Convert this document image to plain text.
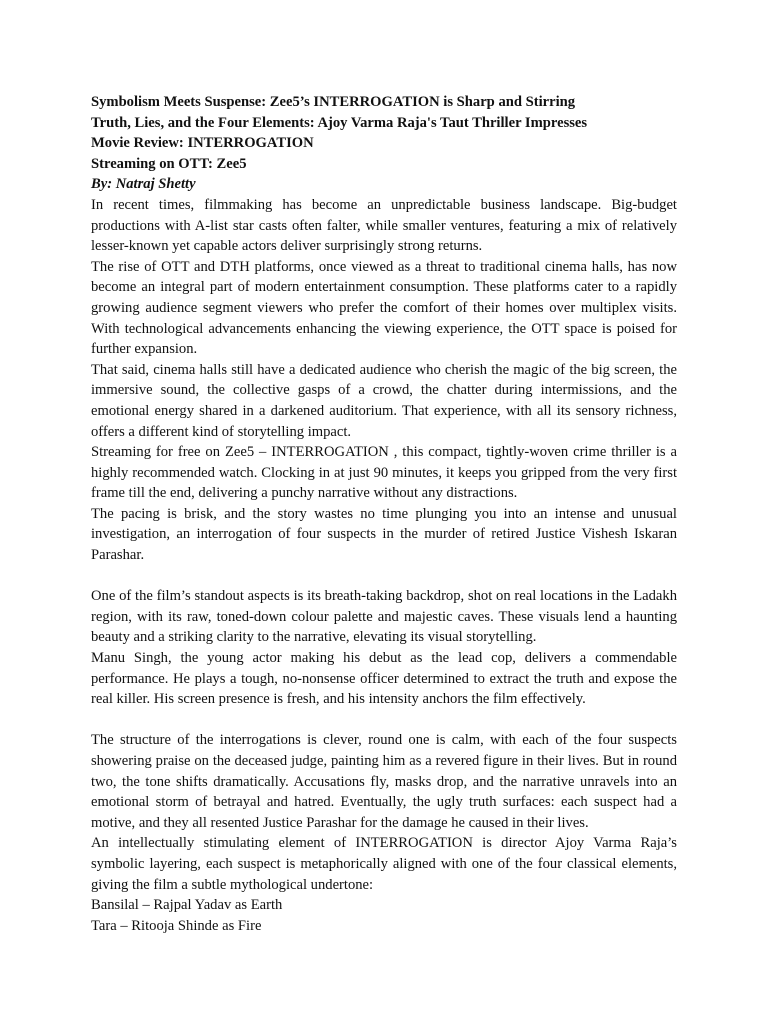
Symbolism Meets Suspense: Zee5’s INTERROGATION is Sharp and Stirring
Truth, Lies, and the Four Elements: Ajoy Varma Raja's Taut Thriller Impresses
Movie Review: INTERROGATION
Streaming on OTT: Zee5
By: Natraj Shetty

In recent times, filmmaking has become an unpredictable business landscape. Big-budget productions with A-list star casts often falter, while smaller ventures, featuring a mix of relatively lesser-known yet capable actors deliver surprisingly strong returns.

The rise of OTT and DTH platforms, once viewed as a threat to traditional cinema halls, has now become an integral part of modern entertainment consumption. These platforms cater to a rapidly growing audience segment viewers who prefer the comfort of their homes over multiplex visits. With technological advancements enhancing the viewing experience, the OTT space is poised for further expansion.

That said, cinema halls still have a dedicated audience who cherish the magic of the big screen, the immersive sound, the collective gasps of a crowd, the chatter during intermissions, and the emotional energy shared in a darkened auditorium. That experience, with all its sensory richness, offers a different kind of storytelling impact.

Streaming for free on Zee5 – INTERROGATION , this compact, tightly-woven crime thriller is a highly recommended watch. Clocking in at just 90 minutes, it keeps you gripped from the very first frame till the end, delivering a punchy narrative without any distractions.

The pacing is brisk, and the story wastes no time plunging you into an intense and unusual investigation, an interrogation of four suspects in the murder of retired Justice Vishesh Iskaran Parashar.

One of the film’s standout aspects is its breath-taking backdrop, shot on real locations in the Ladakh region, with its raw, toned-down colour palette and majestic caves. These visuals lend a haunting beauty and a striking clarity to the narrative, elevating its visual storytelling.

Manu Singh, the young actor making his debut as the lead cop, delivers a commendable performance. He plays a tough, no-nonsense officer determined to extract the truth and expose the real killer. His screen presence is fresh, and his intensity anchors the film effectively.

The structure of the interrogations is clever, round one is calm, with each of the four suspects showering praise on the deceased judge, painting him as a revered figure in their lives. But in round two, the tone shifts dramatically. Accusations fly, masks drop, and the narrative unravels into an emotional storm of betrayal and hatred. Eventually, the ugly truth surfaces: each suspect had a motive, and they all resented Justice Parashar for the damage he caused in their lives.

An intellectually stimulating element of INTERROGATION is director Ajoy Varma Raja’s symbolic layering, each suspect is metaphorically aligned with one of the four classical elements, giving the film a subtle mythological undertone:

Bansilal – Rajpal Yadav as Earth

Tara – Ritooja Shinde as Fire
